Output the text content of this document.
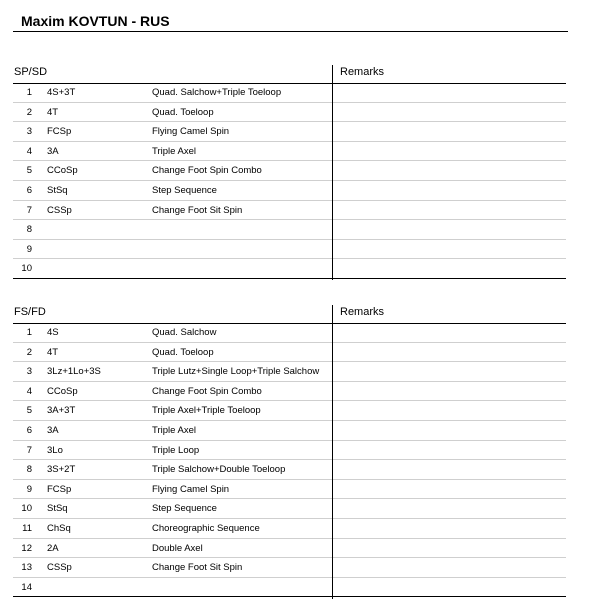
Maxim KOVTUN - RUS
SP/SD	Remarks
1 4S+3T	Quad. Salchow+Triple Toeloop
2 4T	Quad. Toeloop
3 FCSp	Flying Camel Spin
4 3A	Triple Axel
5 CCoSp	Change Foot Spin Combo
6 StSq	Step Sequence
7 CSSp	Change Foot Sit Spin
8
9
10
FS/FD	Remarks
1 4S	Quad. Salchow
2 4T	Quad. Toeloop
3 3Lz+1Lo+3S	Triple Lutz+Single Loop+Triple Salchow
4 CCoSp	Change Foot Spin Combo
5 3A+3T	Triple Axel+Triple Toeloop
6 3A	Triple Axel
7 3Lo	Triple Loop
8 3S+2T	Triple Salchow+Double Toeloop
9 FCSp	Flying Camel Spin
10 StSq	Step Sequence
11 ChSq	Choreographic Sequence
12 2A	Double Axel
13 CSSp	Change Foot Sit Spin
14
